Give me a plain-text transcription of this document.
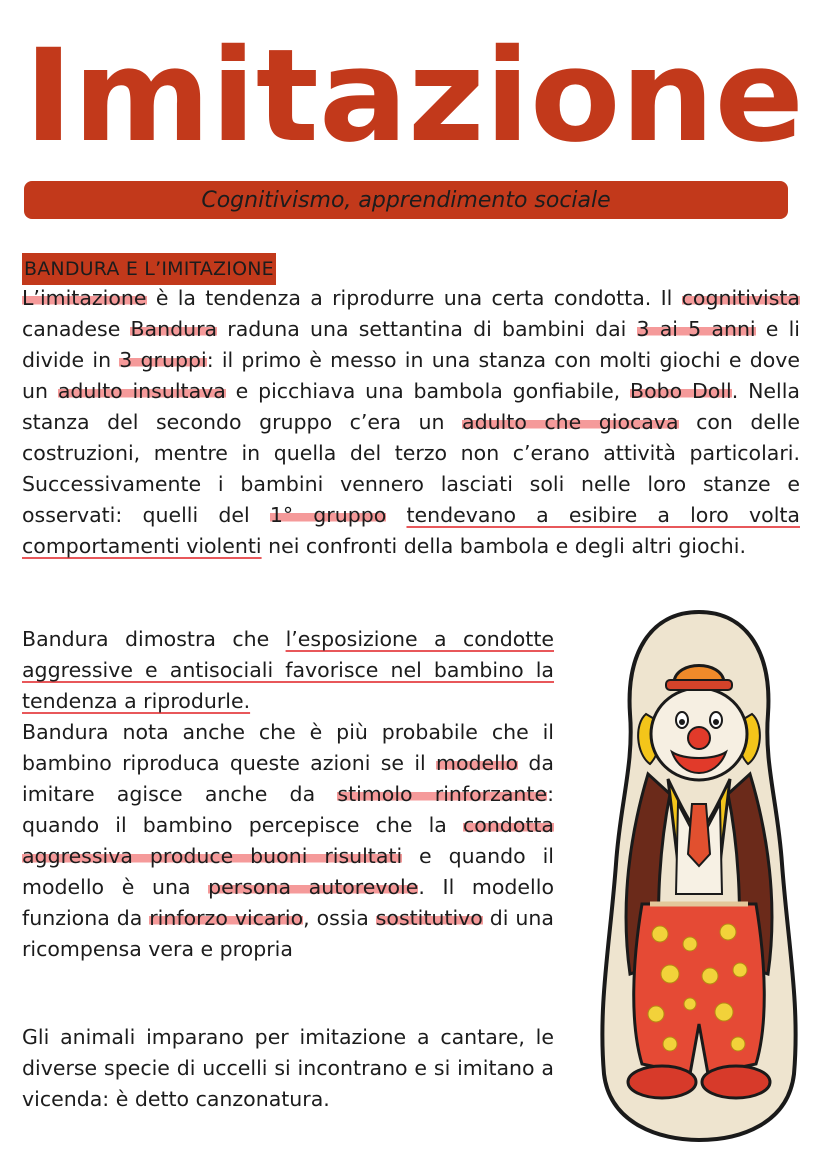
Imitazione
Cognitivismo, apprendimento sociale
BANDURA E L’IMITAZIONE

L’imitazione è la tendenza a riprodurre una certa condotta. Il cognitivista canadese Bandura raduna una settantina di bambini dai 3 ai 5 anni e li divide in 3 gruppi: il primo è messo in una stanza con molti giochi e dove un adulto insultava e picchiava una bambola gonfiabile, Bobo Doll. Nella stanza del secondo gruppo c’era un adulto che giocava con delle costruzioni, mentre in quella del terzo non c’erano attività particolari. Successivamente i bambini vennero lasciati soli nelle loro stanze e osservati: quelli del 1° gruppo tendevano a esibire a loro volta comportamenti violenti nei confronti della bambola e degli altri giochi.

Bandura dimostra che l’esposizione a condotte aggressive e antisociali favorisce nel bambino la tendenza a riprodurle.

Bandura nota anche che è più probabile che il bambino riproduca queste azioni se il modello da imitare agisce anche da stimolo rinforzante: quando il bambino percepisce che la condotta aggressiva produce buoni risultati e quando il modello è una persona autorevole. Il modello funziona da rinforzo vicario, ossia sostitutivo di una ricompensa vera e propria

Gli animali imparano per imitazione a cantare, le diverse specie di uccelli si incontrano e si imitano a vicenda: è detto canzonatura.
